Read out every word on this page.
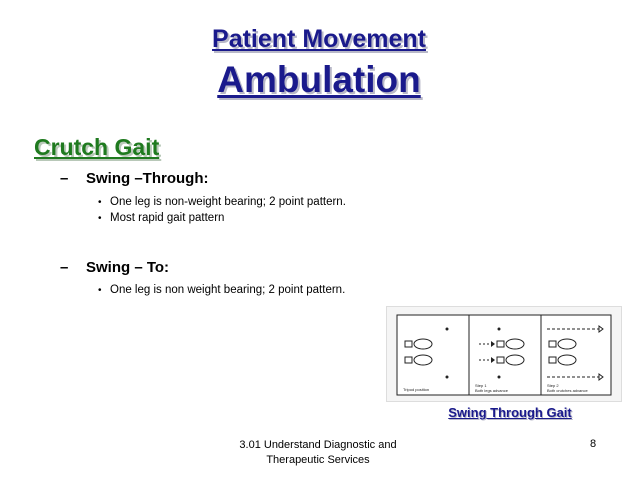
Patient Movement
Ambulation
Crutch Gait
–	Swing –Through:
• One leg is non-weight bearing; 2 point pattern.
• Most rapid gait pattern
–	Swing – To:
• One leg is non weight bearing; 2 point pattern.
Tripod position
Step 1
Both legs advance
Step 2
Both crutches advance
Swing Through Gait
3.01 Understand Diagnostic and
Therapeutic Services
8
